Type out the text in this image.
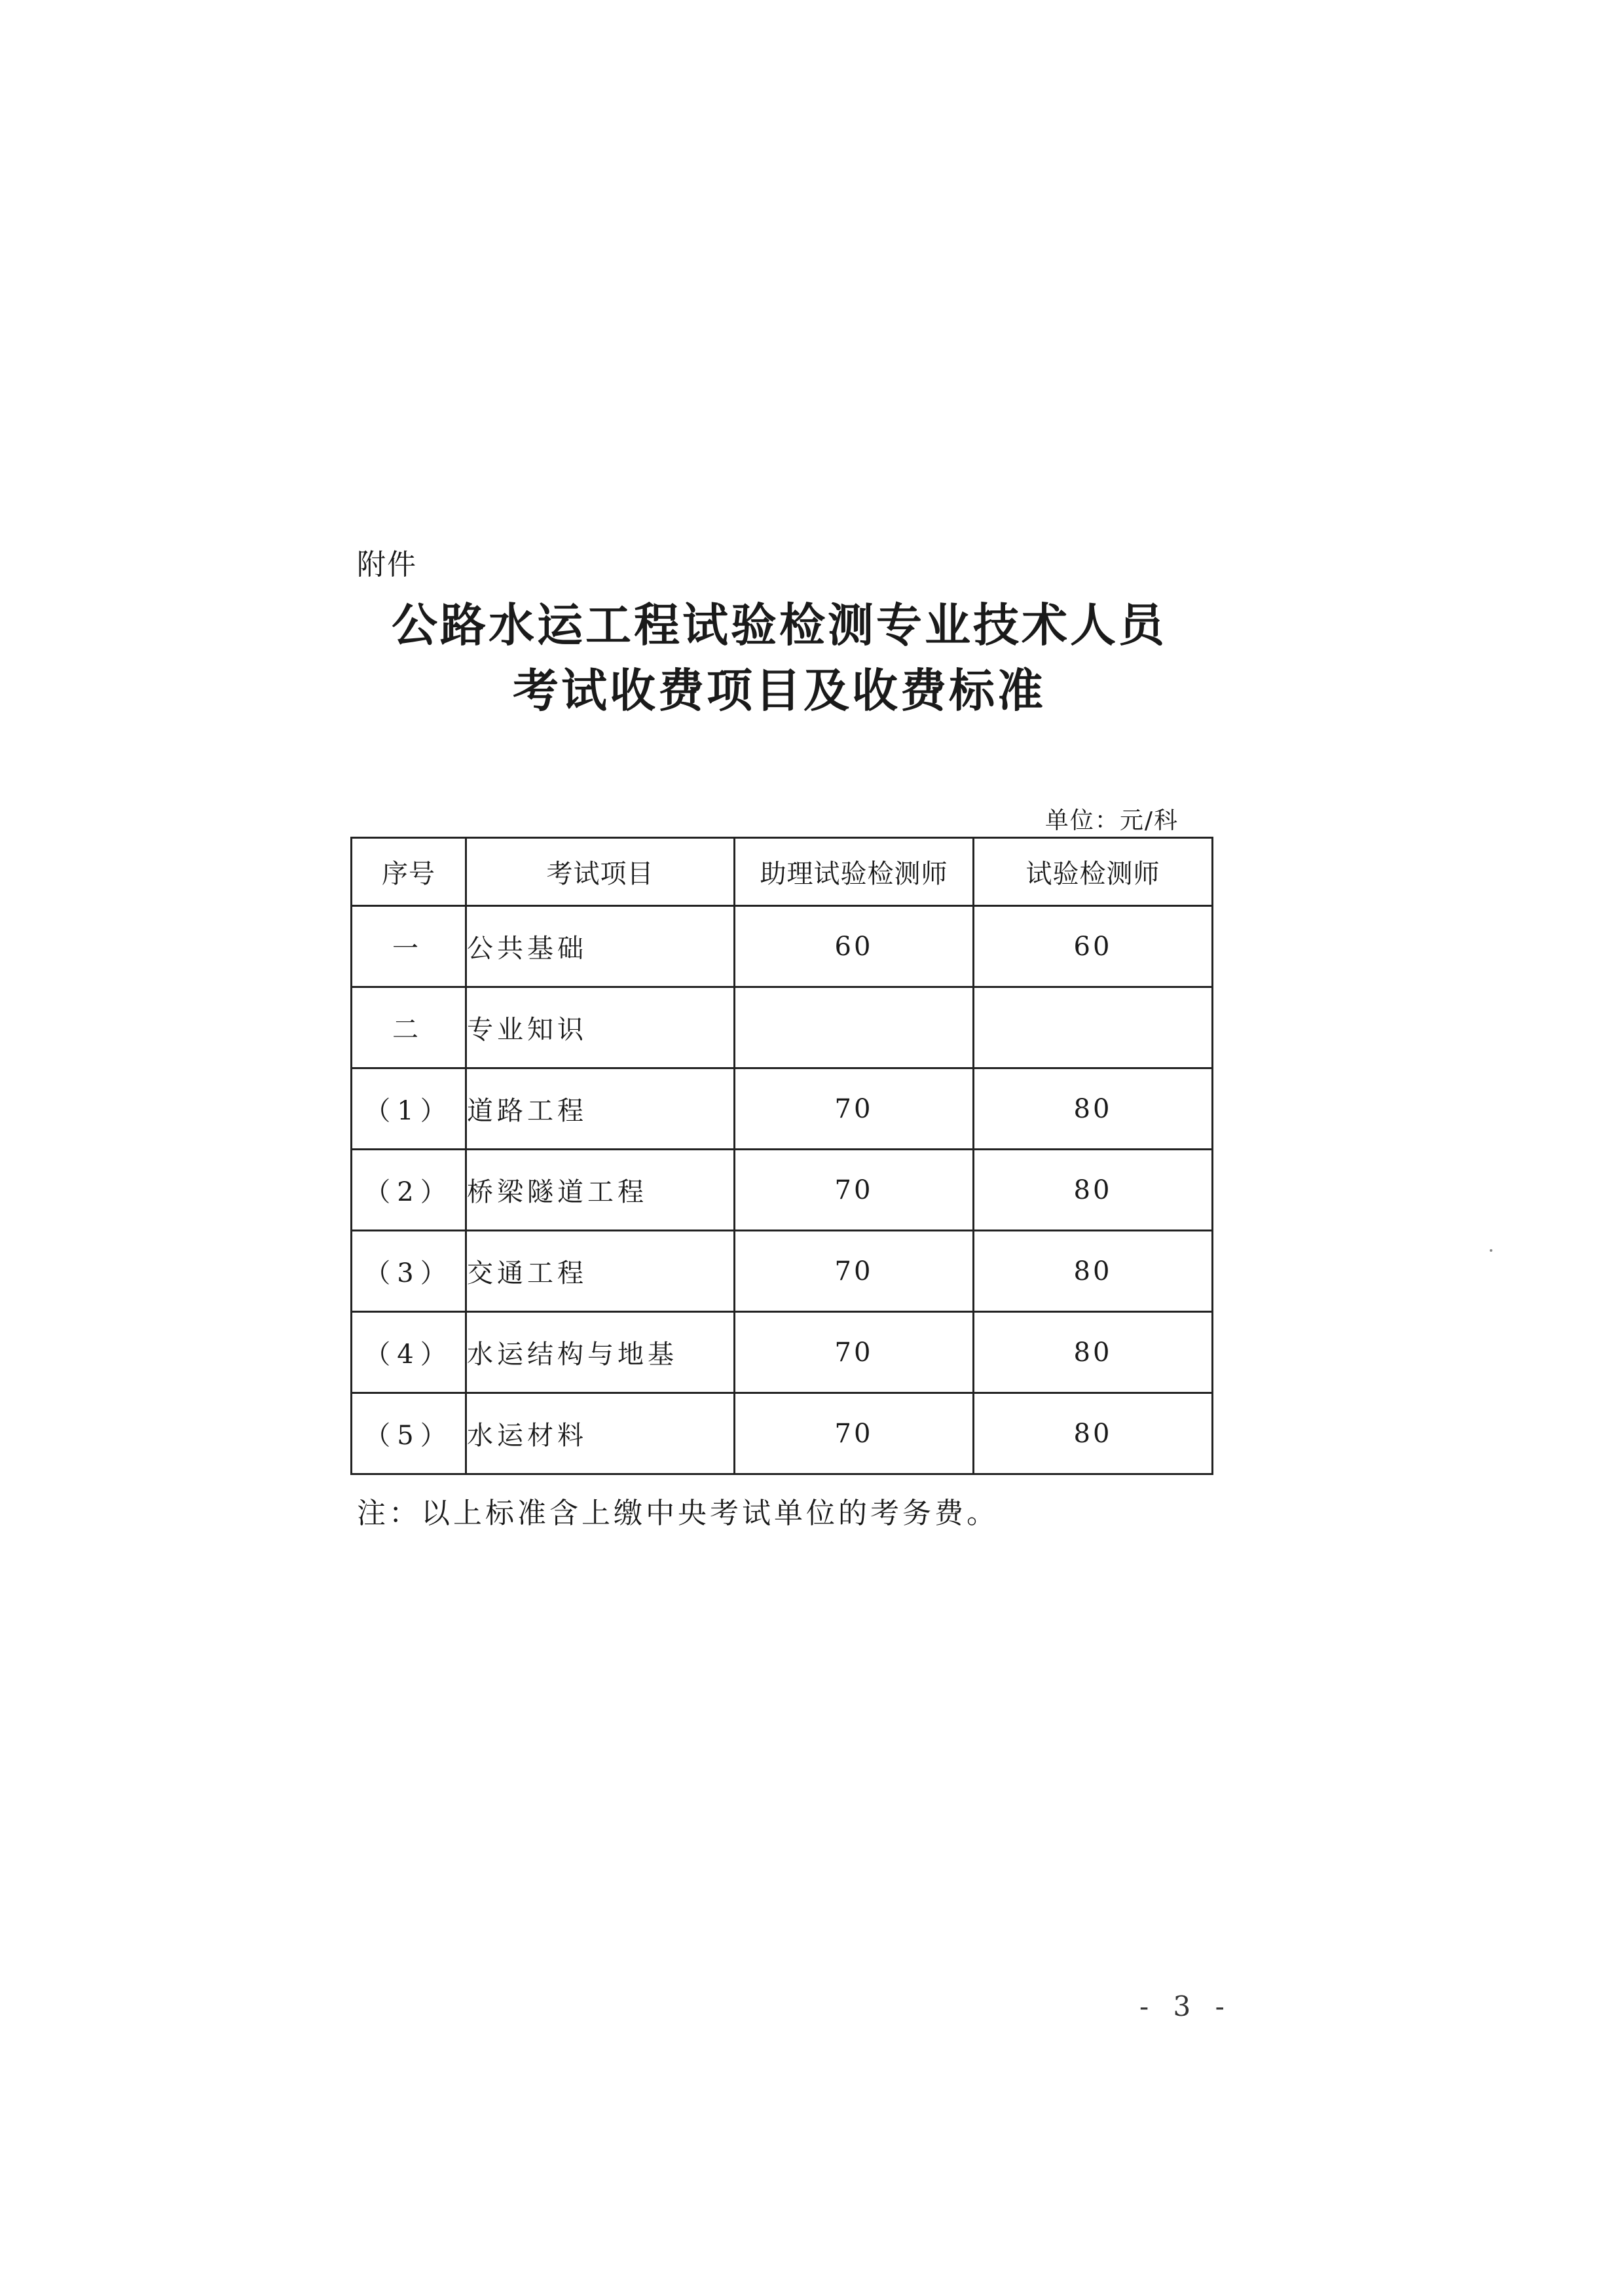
附件
公路水运工程试验检测专业技术人员
考试收费项目及收费标准
单位：元/科
序号	考试项目	助理试验检测师	试验检测师
一	公共基础	60	60
二	专业知识		
（1）	道路工程	70	80
（2）	桥梁隧道工程	70	80
（3）	交通工程	70	80
（4）	水运结构与地基	70	80
（5）	水运材料	70	80
注：以上标准含上缴中央考试单位的考务费。
- 3 -
